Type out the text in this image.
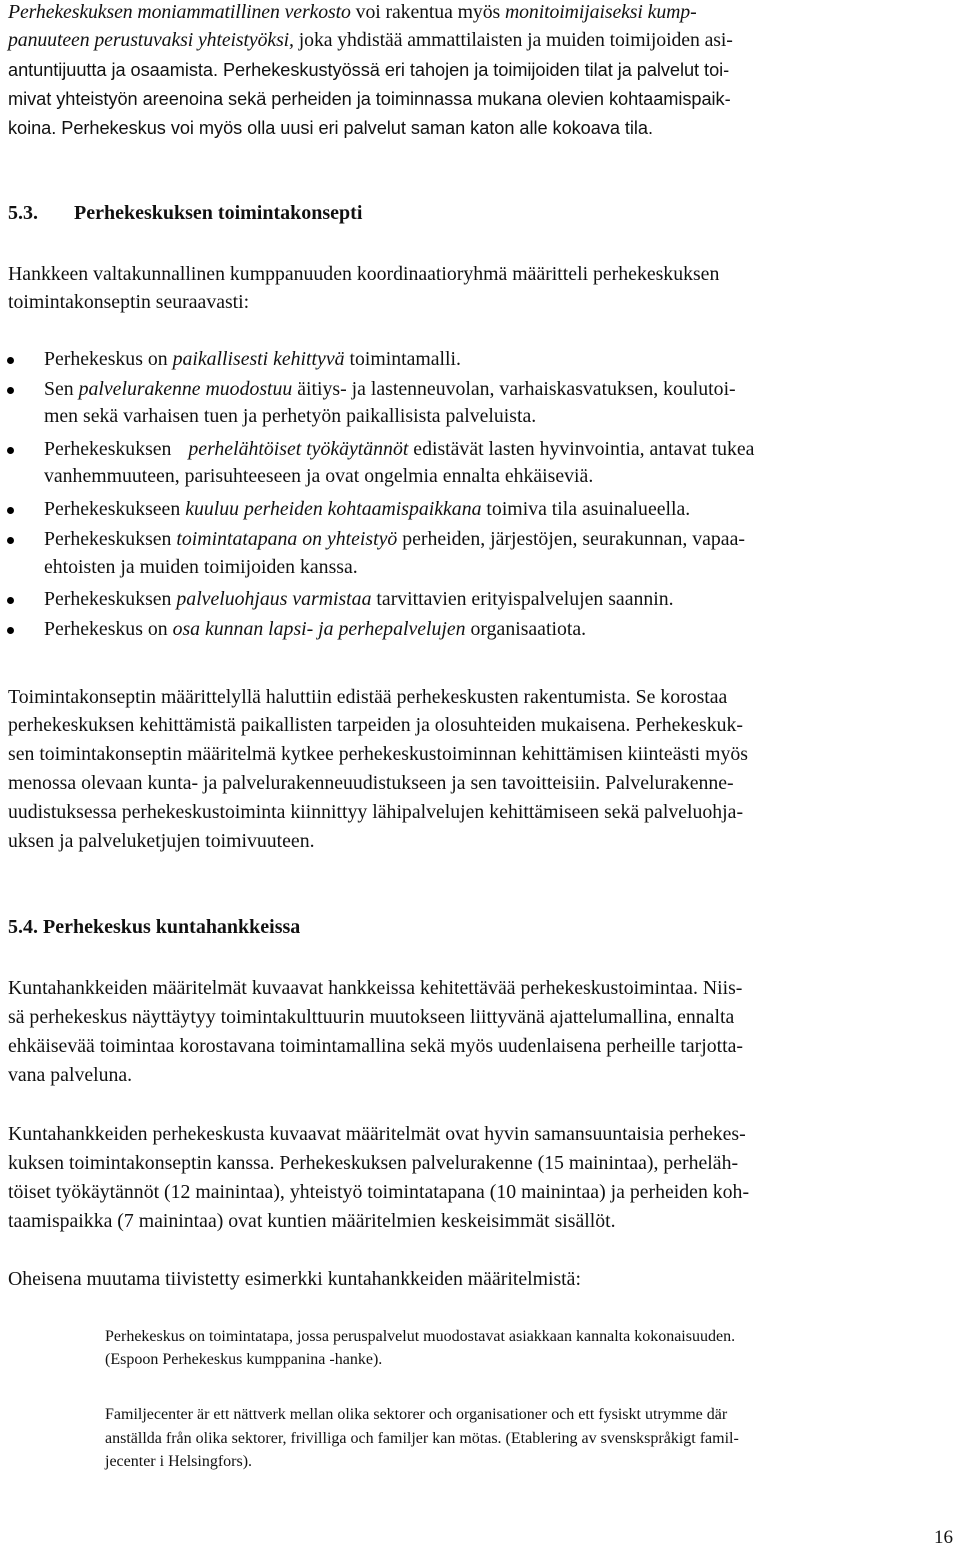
Perhekeskuksen moniammatillinen verkosto voi rakentua myös monitoimijaiseksi kump-

panuuteen perustuvaksi yhteistyöksi, joka yhdistää ammattilaisten ja muiden toimijoiden asi-

antuntijuutta ja osaamista. Perhekeskustyössä eri tahojen ja toimijoiden tilat ja palvelut toi-

mivat yhteistyön areenoina sekä perheiden ja toiminnassa mukana olevien kohtaamispaik-

koina. Perhekeskus voi myös olla uusi eri palvelut saman katon alle kokoava tila.

5.3. Perhekeskuksen toimintakonsepti

Hankkeen valtakunnallinen kumppanuuden koordinaatioryhmä määritteli perhekeskuksen

toimintakonseptin seuraavasti:

Perhekeskus on paikallisesti kehittyvä toimintamalli.

Sen palvelurakenne muodostuu äitiys- ja lastenneuvolan, varhaiskasvatuksen, koulutoi-

men sekä varhaisen tuen ja perhetyön paikallisista palveluista.

Perhekeskuksen perhelähtöiset työkäytännöt edistävät lasten hyvinvointia, antavat tukea

vanhemmuuteen, parisuhteeseen ja ovat ongelmia ennalta ehkäiseviä.

Perhekeskukseen kuuluu perheiden kohtaamispaikkana toimiva tila asuinalueella.

Perhekeskuksen toimintatapana on yhteistyö perheiden, järjestöjen, seurakunnan, vapaa-

ehtoisten ja muiden toimijoiden kanssa.

Perhekeskuksen palveluohjaus varmistaa tarvittavien erityispalvelujen saannin.

Perhekeskus on osa kunnan lapsi- ja perhepalvelujen organisaatiota.

Toimintakonseptin määrittelyllä haluttiin edistää perhekeskusten rakentumista. Se korostaa

perhekeskuksen kehittämistä paikallisten tarpeiden ja olosuhteiden mukaisena. Perhekeskuk-

sen toimintakonseptin määritelmä kytkee perhekeskustoiminnan kehittämisen kiinteästi myös

menossa olevaan kunta- ja palvelurakenneuudistukseen ja sen tavoitteisiin. Palvelurakenne-

uudistuksessa perhekeskustoiminta kiinnittyy lähipalvelujen kehittämiseen sekä palveluohja-

uksen ja palveluketjujen toimivuuteen.

5.4. Perhekeskus kuntahankkeissa

Kuntahankkeiden määritelmät kuvaavat hankkeissa kehitettävää perhekeskustoimintaa. Niis-

sä perhekeskus näyttäytyy toimintakulttuurin muutokseen liittyvänä ajattelumallina, ennalta

ehkäisevää toimintaa korostavana toimintamallina sekä myös uudenlaisena perheille tarjotta-

vana palveluna.

Kuntahankkeiden perhekeskusta kuvaavat määritelmät ovat hyvin samansuuntaisia perhekes-

kuksen toimintakonseptin kanssa. Perhekeskuksen palvelurakenne (15 mainintaa), perheläh-

töiset työkäytännöt (12 mainintaa), yhteistyö toimintatapana (10 mainintaa) ja perheiden koh-

taamispaikka (7 mainintaa) ovat kuntien määritelmien keskeisimmät sisällöt.

Oheisena muutama tiivistetty esimerkki kuntahankkeiden määritelmistä:

Perhekeskus on toimintatapa, jossa peruspalvelut muodostavat asiakkaan kannalta kokonaisuuden.

(Espoon Perhekeskus kumppanina -hanke).

Familjecenter är ett nättverk mellan olika sektorer och organisationer och ett fysiskt utrymme där

anställda från olika sektorer, frivilliga och familjer kan mötas. (Etablering av svenskspråkigt famil-

jecenter i Helsingfors).

16
